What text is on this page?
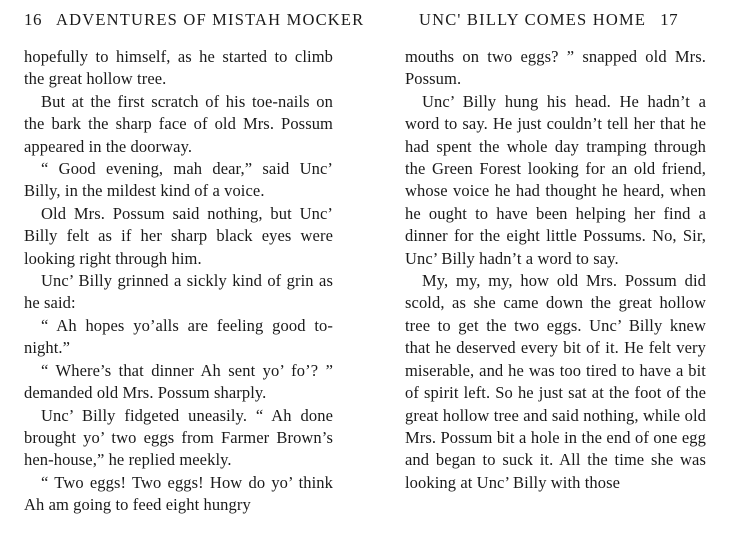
16 ADVENTURES OF MISTAH MOCKER	UNC' BILLY COMES HOME 17

hopefully to himself, as he started to climb the great hollow tree.

But at the first scratch of his toe-nails on the bark the sharp face of old Mrs. Possum appeared in the doorway.

“ Good evening, mah dear,” said Unc’ Billy, in the mildest kind of a voice.

Old Mrs. Possum said nothing, but Unc’ Billy felt as if her sharp black eyes were looking right through him.

Unc’ Billy grinned a sickly kind of grin as he said:

“ Ah hopes yo’alls are feeling good to-night.”

“ Where’s that dinner Ah sent yo’ fo’? ” demanded old Mrs. Possum sharply.

Unc’ Billy fidgeted uneasily. “ Ah done brought yo’ two eggs from Farmer Brown’s hen-house,” he replied meekly.

“ Two eggs! Two eggs! How do yo’ think Ah am going to feed eight hungry

mouths on two eggs? ” snapped old Mrs. Possum.

Unc’ Billy hung his head. He hadn’t a word to say. He just couldn’t tell her that he had spent the whole day tramping through the Green Forest looking for an old friend, whose voice he had thought he heard, when he ought to have been helping her find a dinner for the eight little Possums. No, Sir, Unc’ Billy hadn’t a word to say.

My, my, my, how old Mrs. Possum did scold, as she came down the great hollow tree to get the two eggs. Unc’ Billy knew that he deserved every bit of it. He felt very miserable, and he was too tired to have a bit of spirit left. So he just sat at the foot of the great hollow tree and said nothing, while old Mrs. Possum bit a hole in the end of one egg and began to suck it. All the time she was looking at Unc’ Billy with those
